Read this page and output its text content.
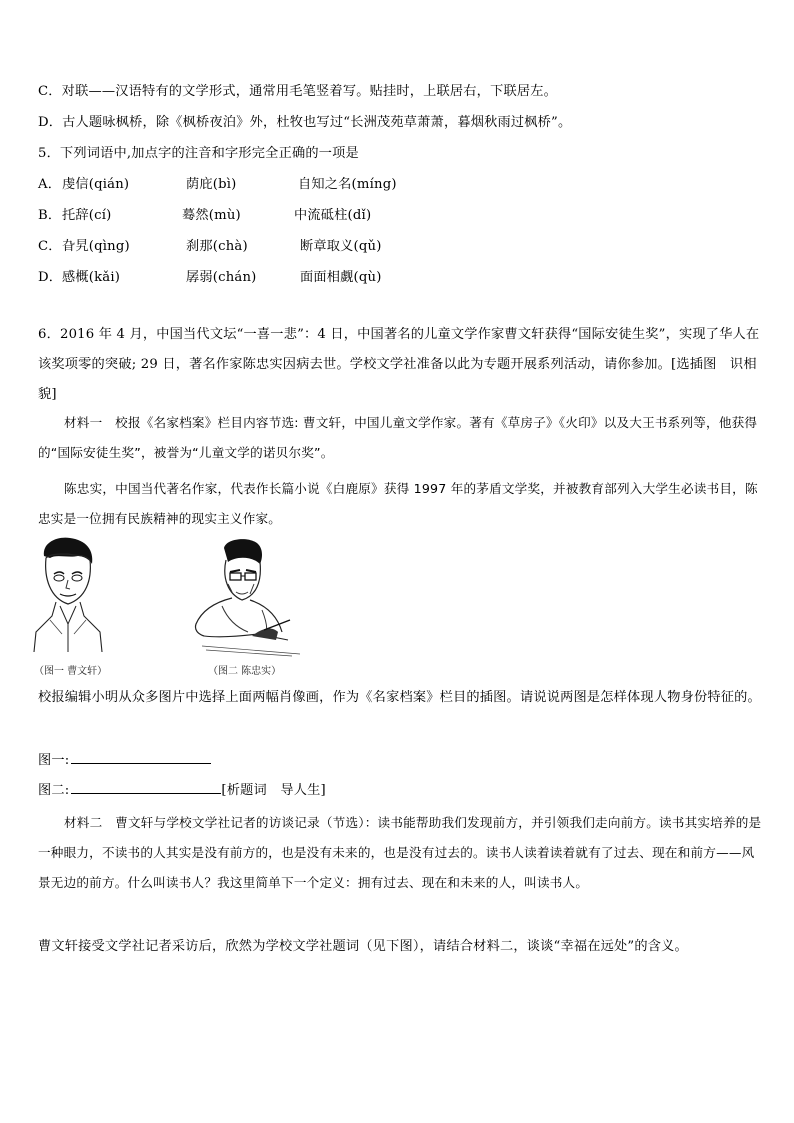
C．对联——汉语特有的文学形式，通常用毛笔竖着写。贴挂时，上联居右，下联居左。
D．古人题咏枫桥，除《枫桥夜泊》外，杜牧也写过“长洲茂苑草萧萧，暮烟秋雨过枫桥”。
5．下列词语中,加点字的注音和字形完全正确的一项是
A． 虔信(qián)	荫庇(bì)	自知之名(míng)
B． 托辞(cí)	蓦然(mù)	中流砥柱(dǐ)
C． 旮旯(qìng)	刹那(chà)	断章取义(qǔ)
D． 感概(kǎi)	孱弱(chán)	面面相觑(qù)
6．2016 年 4 月，中国当代文坛“一喜一悲”：4 日，中国著名的儿童文学作家曹文轩获得“国际安徒生奖”，实现了华人在该奖项零的突破; 29 日，著名作家陈忠实因病去世。学校文学社准备以此为专题开展系列活动，请你参加。[选插图　识相貌]
材料一　校报《名家档案》栏目内容节选: 曹文轩，中国儿童文学作家。著有《草房子》《火印》以及大王书系列等，他获得的“国际安徒生奖”，被誉为“儿童文学的诺贝尔奖”。
陈忠实，中国当代著名作家，代表作长篇小说《白鹿原》获得 1997 年的茅盾文学奖，并被教育部列入大学生必读书目，陈忠实是一位拥有民族精神的现实主义作家。
（图一 曹文轩）	（图二 陈忠实）
校报编辑小明从众多图片中选择上面两幅肖像画，作为《名家档案》栏目的插图。请说说两图是怎样体现人物身份特征的。
图一:
图二:	[析题词　导人生]
材料二　曹文轩与学校文学社记者的访谈记录（节选）：读书能帮助我们发现前方，并引领我们走向前方。读书其实培养的是一种眼力，不读书的人其实是没有前方的，也是没有未来的，也是没有过去的。读书人读着读着就有了过去、现在和前方——风景无边的前方。什么叫读书人？我这里简单下一个定义：拥有过去、现在和未来的人，叫读书人。
曹文轩接受文学社记者采访后，欣然为学校文学社题词（见下图），请结合材料二，谈谈“幸福在远处”的含义。
